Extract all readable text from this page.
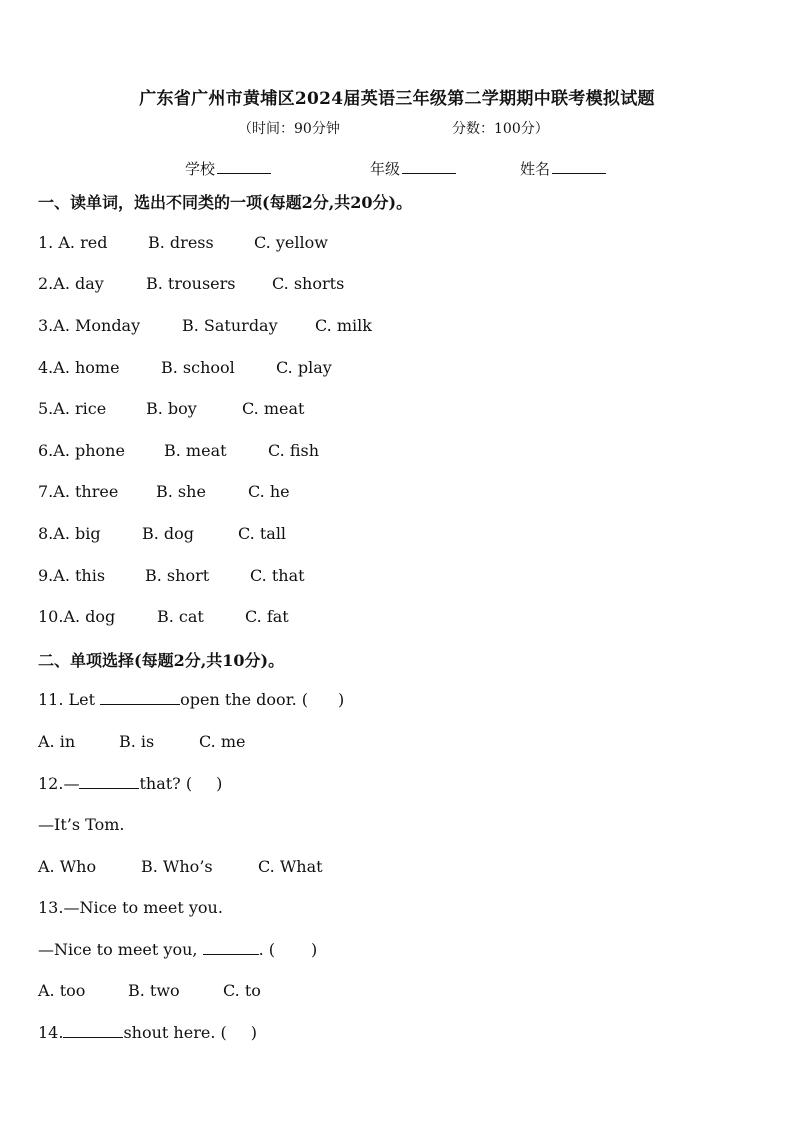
广东省广州市黄埔区2024届英语三年级第二学期期中联考模拟试题
（时间：90分钟	分数：100分）
学校	年级	姓名
一、读单词，选出不同类的一项(每题2分,共20分)。
1. A. red	B. dress	C. yellow
2.A. day	B. trousers C. shorts
3.A. Monday	B. Saturday C. milk
4.A. home	B. school	C. play
5.A. rice B. boy	C. meat
6.A. phone B. meat	C. fish
7.A. three B. she	C. he
8.A. big	B. dog	C. tall
9.A. this B. short	C. that
10.A. dog	B. cat	C. fat
二、单项选择(每题2分,共10分)。
11. Let	open the door. ( )
A. in	B. is	C. me
12.—	that? ( )
—It’s Tom.
A. Who	B. Who’s	C. What
13.—Nice to meet you.
—Nice to meet you,	. ( )
A. too	B. two	C. to
14.	shout here. ( )
